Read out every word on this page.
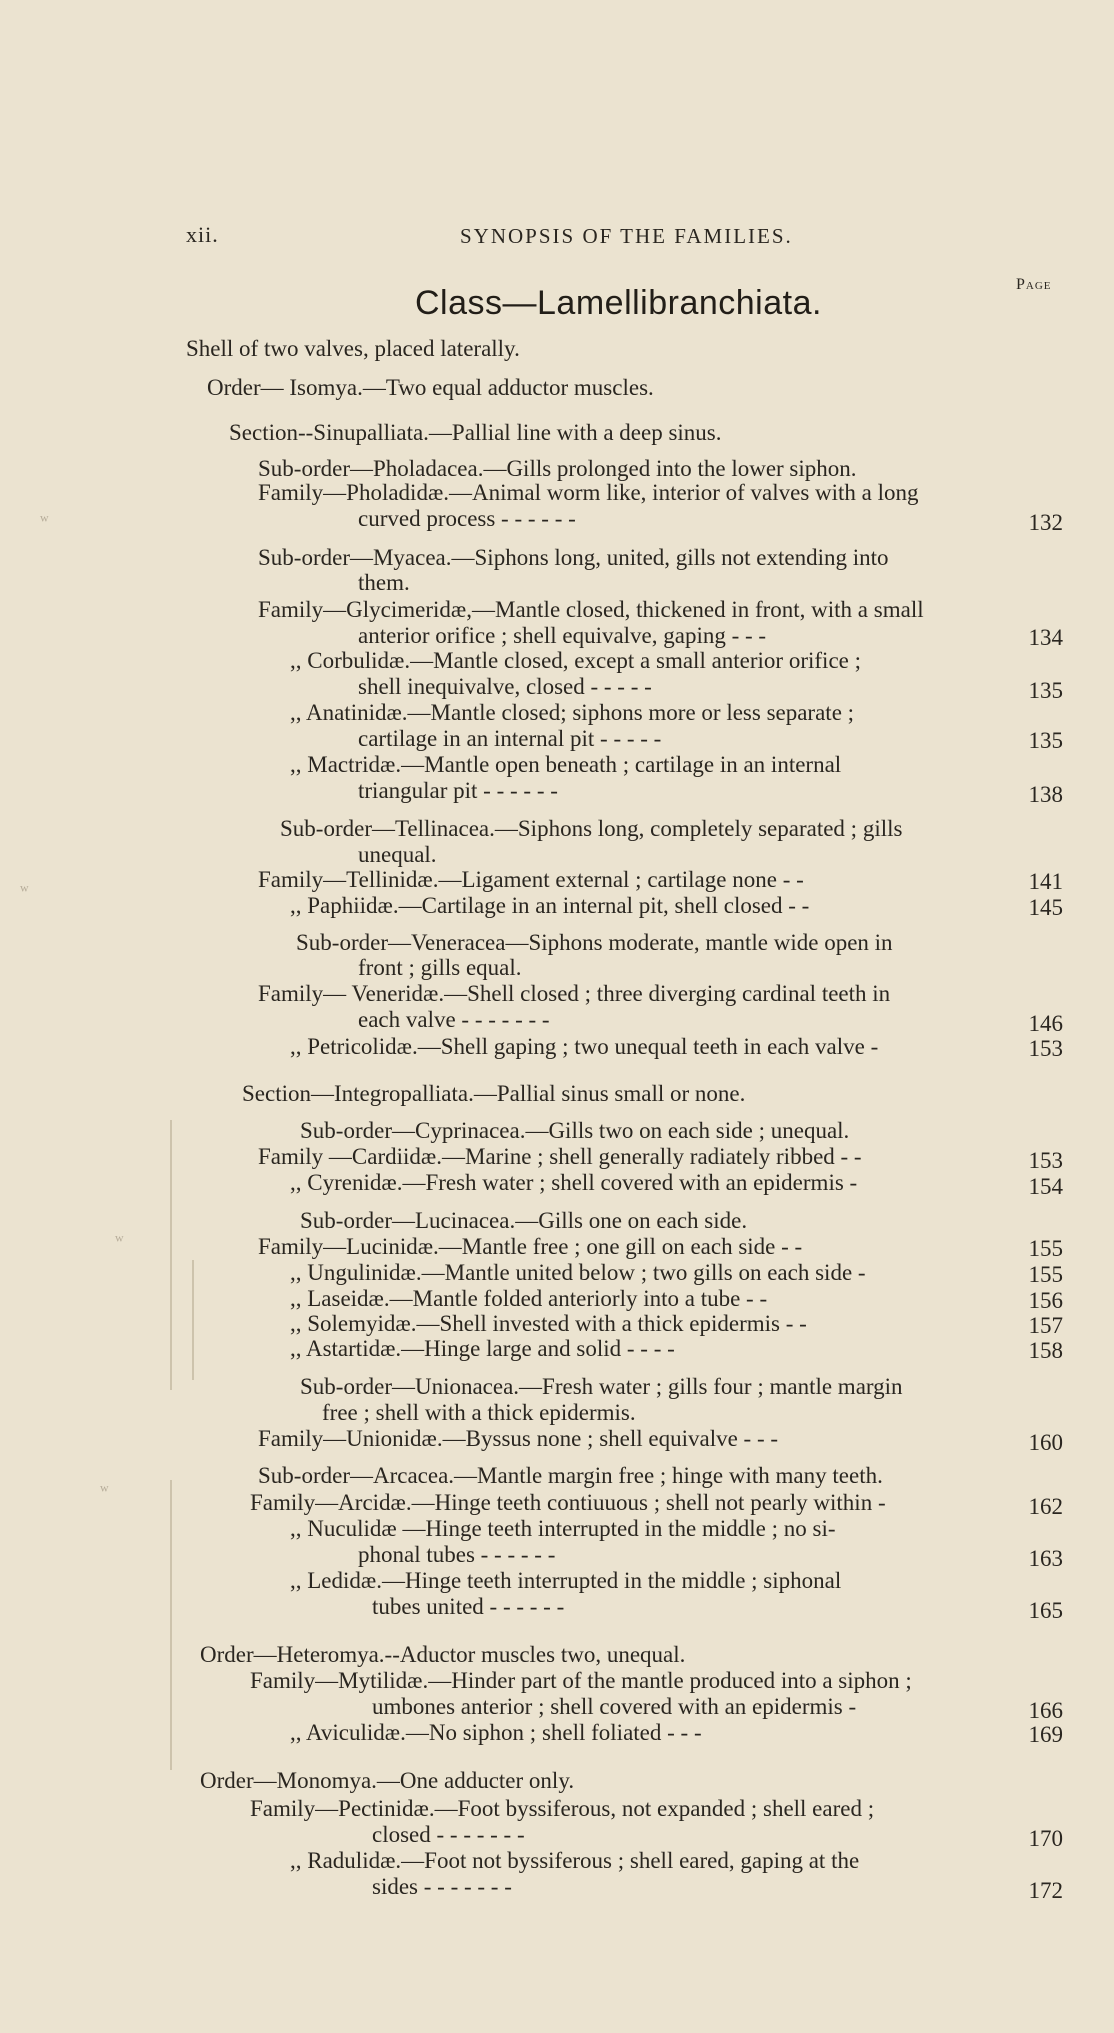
xii.	SYNOPSIS OF THE FAMILIES.
Page
Class—Lamellibranchiata.
ʷ
ʷ
ʷ
ʷ
Shell of two valves, placed laterally.
Order— Isomya.—Two equal adductor muscles.
Section--Sinupalliata.—Pallial line with a deep sinus.
Sub-order—Pholadacea.—Gills prolonged into the lower siphon.
Family—Pholadidæ.—Animal worm like, interior of valves with a long
curved process - - - - - -	132
Sub-order—Myacea.—Siphons long, united, gills not extending into
them.
Family—Glycimeridæ,—Mantle closed, thickened in front, with a small
anterior orifice ; shell equivalve, gaping - - -	134
,, Corbulidæ.—Mantle closed, except a small anterior orifice ;
shell inequivalve, closed - - - - -	135
,, Anatinidæ.—Mantle closed; siphons more or less separate ;
cartilage in an internal pit - - - - -	135
,, Mactridæ.—Mantle open beneath ; cartilage in an internal
triangular pit - - - - - -	138
Sub-order—Tellinacea.—Siphons long, completely separated ; gills
unequal.
Family—Tellinidæ.—Ligament external ; cartilage none - -	141
,, Paphiidæ.—Cartilage in an internal pit, shell closed - -	145
Sub-order—Veneracea—Siphons moderate, mantle wide open in
front ; gills equal.
Family— Veneridæ.—Shell closed ; three diverging cardinal teeth in
each valve - - - - - - -	146
,, Petricolidæ.—Shell gaping ; two unequal teeth in each valve -	153
Section—Integropalliata.—Pallial sinus small or none.
Sub-order—Cyprinacea.—Gills two on each side ; unequal.
Family —Cardiidæ.—Marine ; shell generally radiately ribbed - -	153
,, Cyrenidæ.—Fresh water ; shell covered with an epidermis -	154
Sub-order—Lucinacea.—Gills one on each side.
Family—Lucinidæ.—Mantle free ; one gill on each side - -	155
,, Ungulinidæ.—Mantle united below ; two gills on each side -	155
,, Laseidæ.—Mantle folded anteriorly into a tube - -	156
,, Solemyidæ.—Shell invested with a thick epidermis - -	157
,, Astartidæ.—Hinge large and solid - - - -	158
Sub-order—Unionacea.—Fresh water ; gills four ; mantle margin
free ; shell with a thick epidermis.
Family—Unionidæ.—Byssus none ; shell equivalve - - -	160
Sub-order—Arcacea.—Mantle margin free ; hinge with many teeth.
Family—Arcidæ.—Hinge teeth contiuuous ; shell not pearly within -	162
,, Nuculidæ —Hinge teeth interrupted in the middle ; no si-
phonal tubes - - - - - -	163
,, Ledidæ.—Hinge teeth interrupted in the middle ; siphonal
tubes united - - - - - -	165
Order—Heteromya.--Aductor muscles two, unequal.
Family—Mytilidæ.—Hinder part of the mantle produced into a siphon ;
umbones anterior ; shell covered with an epidermis -	166
,, Aviculidæ.—No siphon ; shell foliated - - -	169
Order—Monomya.—One adducter only.
Family—Pectinidæ.—Foot byssiferous, not expanded ; shell eared ;
closed - - - - - - -	170
,, Radulidæ.—Foot not byssiferous ; shell eared, gaping at the
sides - - - - - - -	172
